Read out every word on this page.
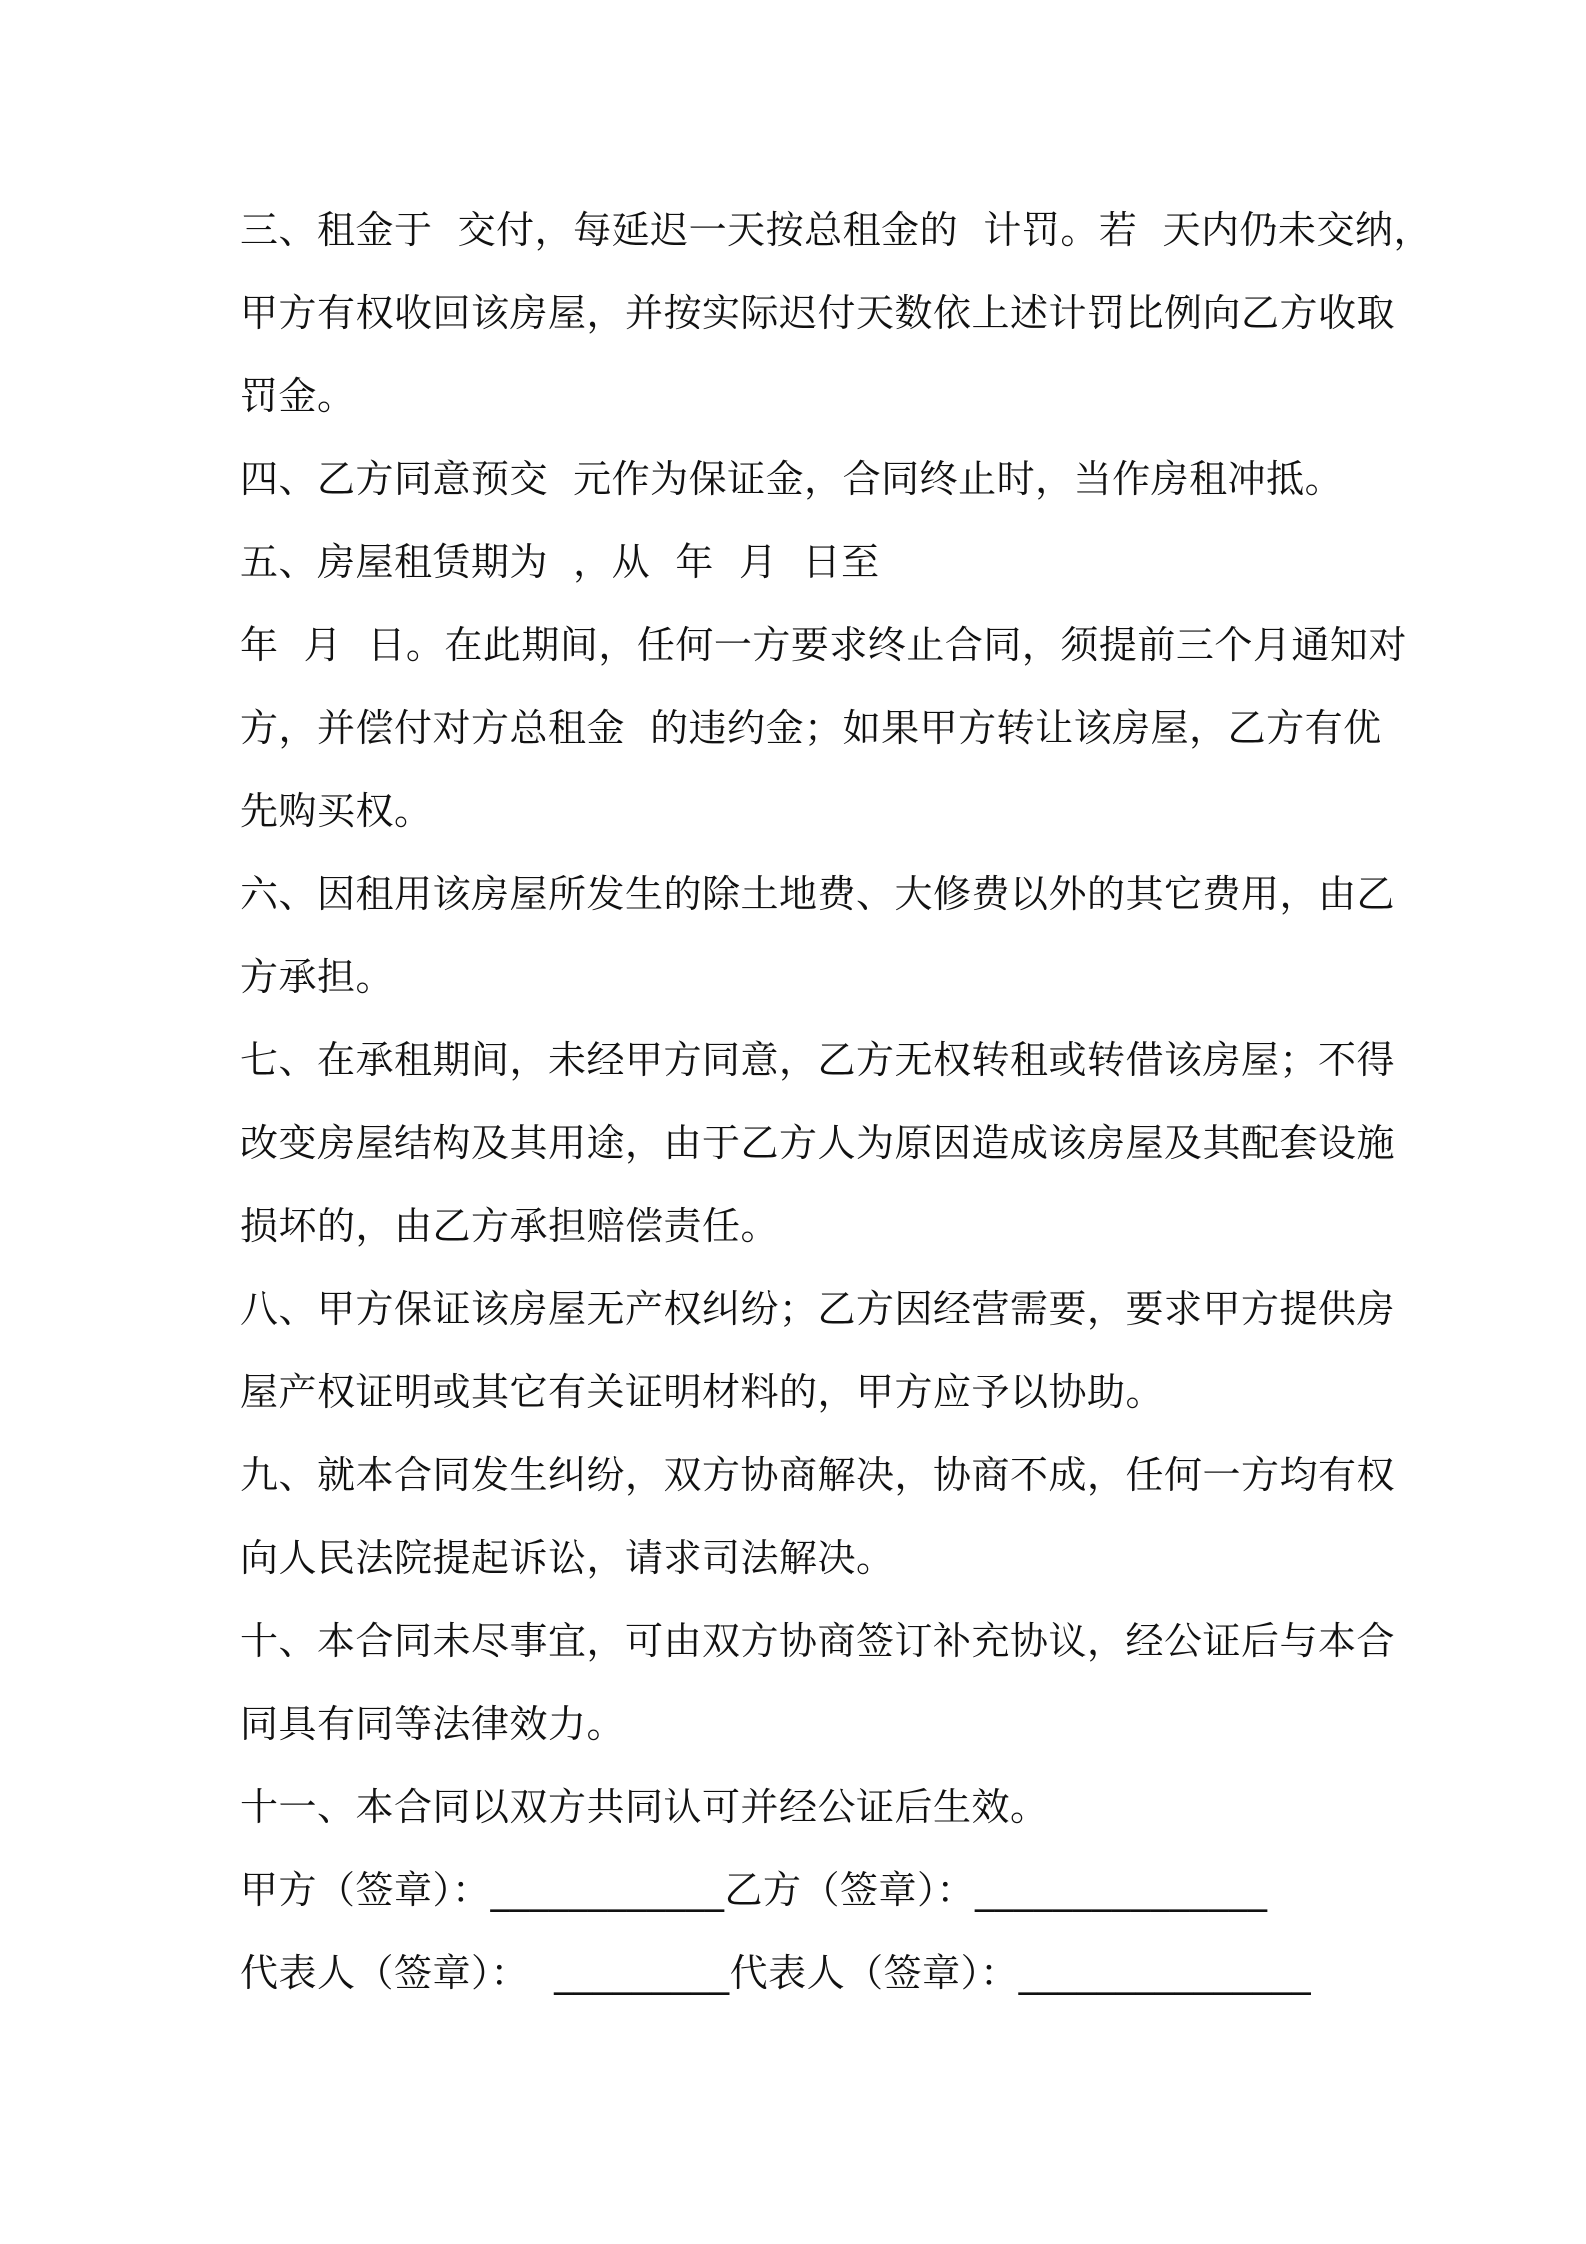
三、租金于  交付，每延迟一天按总租金的  计罚。若  天内仍未交纳，
甲方有权收回该房屋，并按实际迟付天数依上述计罚比例向乙方收取
罚金。
四、乙方同意预交  元作为保证金，合同终止时，当作房租冲抵。
五、房屋租赁期为  ，从  年  月  日至
年  月  日。在此期间，任何一方要求终止合同，须提前三个月通知对
方，并偿付对方总租金  的违约金；如果甲方转让该房屋，乙方有优
先购买权。
六、因租用该房屋所发生的除土地费、大修费以外的其它费用，由乙
方承担。
七、在承租期间，未经甲方同意，乙方无权转租或转借该房屋；不得
改变房屋结构及其用途，由于乙方人为原因造成该房屋及其配套设施
损坏的，由乙方承担赔偿责任。
八、甲方保证该房屋无产权纠纷；乙方因经营需要，要求甲方提供房
屋产权证明或其它有关证明材料的，甲方应予以协助。
九、就本合同发生纠纷，双方协商解决，协商不成，任何一方均有权
向人民法院提起诉讼，请求司法解决。
十、本合同未尽事宜，可由双方协商签订补充协议，经公证后与本合
同具有同等法律效力。
十一、本合同以双方共同认可并经公证后生效。
甲方（签章）：____________乙方（签章）：_______________
代表人（签章）：  _________代表人（签章）：_______________
